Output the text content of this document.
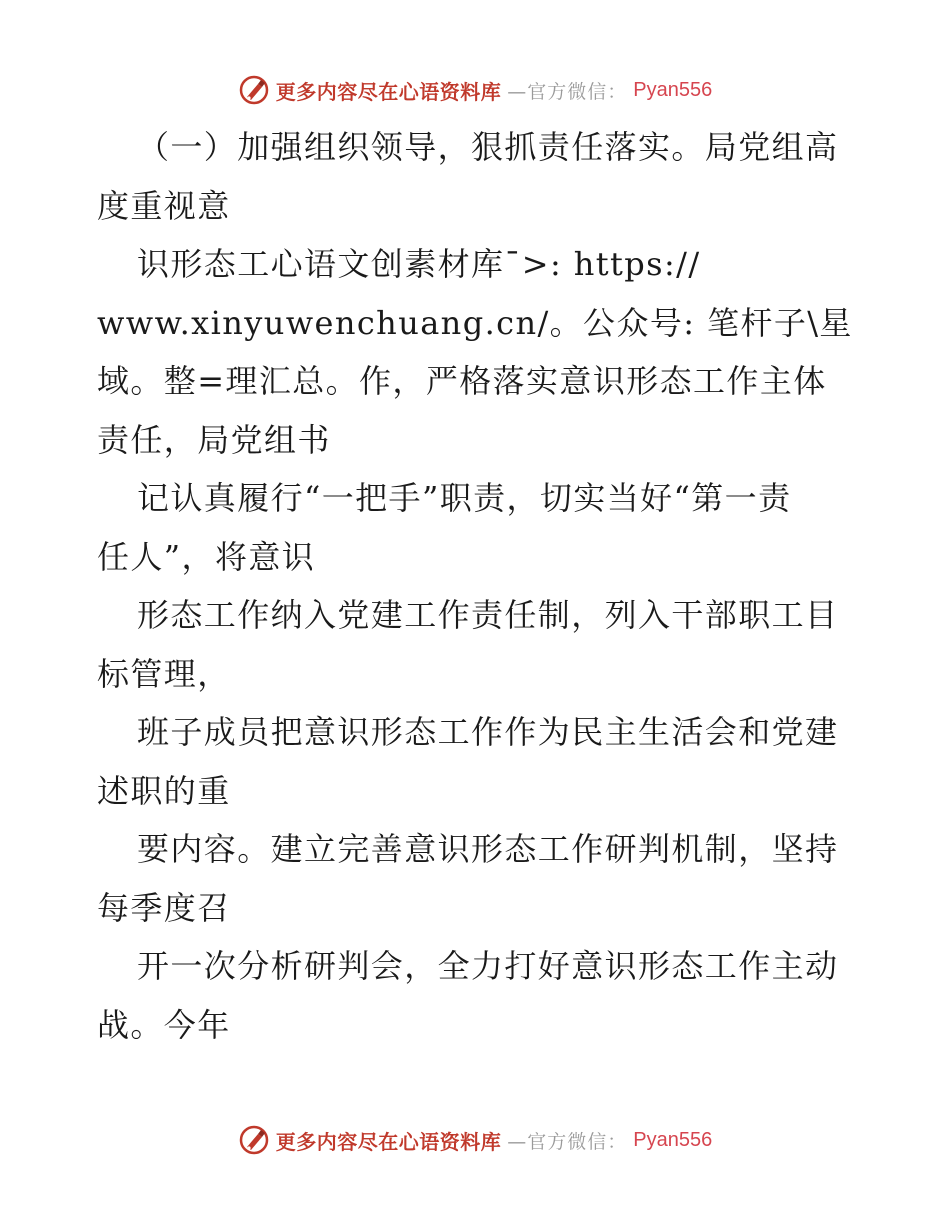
更多内容尽在心语资料库 —官方微信： Pyan556
（一）加强组织领导，狠抓责任落实。局党组高
度重视意
识形态工心语文创素材库¯>: https://
www.xinyuwenchuang.cn/。公众号: 笔杆子\星
域。整=理汇总。作，严格落实意识形态工作主体
责任，局党组书
记认真履行“一把手”职责，切实当好“第一责
任人”，将意识
形态工作纳入党建工作责任制，列入干部职工目
标管理，
班子成员把意识形态工作作为民主生活会和党建
述职的重
要内容。建立完善意识形态工作研判机制，坚持
每季度召
开一次分析研判会，全力打好意识形态工作主动
战。今年
更多内容尽在心语资料库 —官方微信： Pyan556
